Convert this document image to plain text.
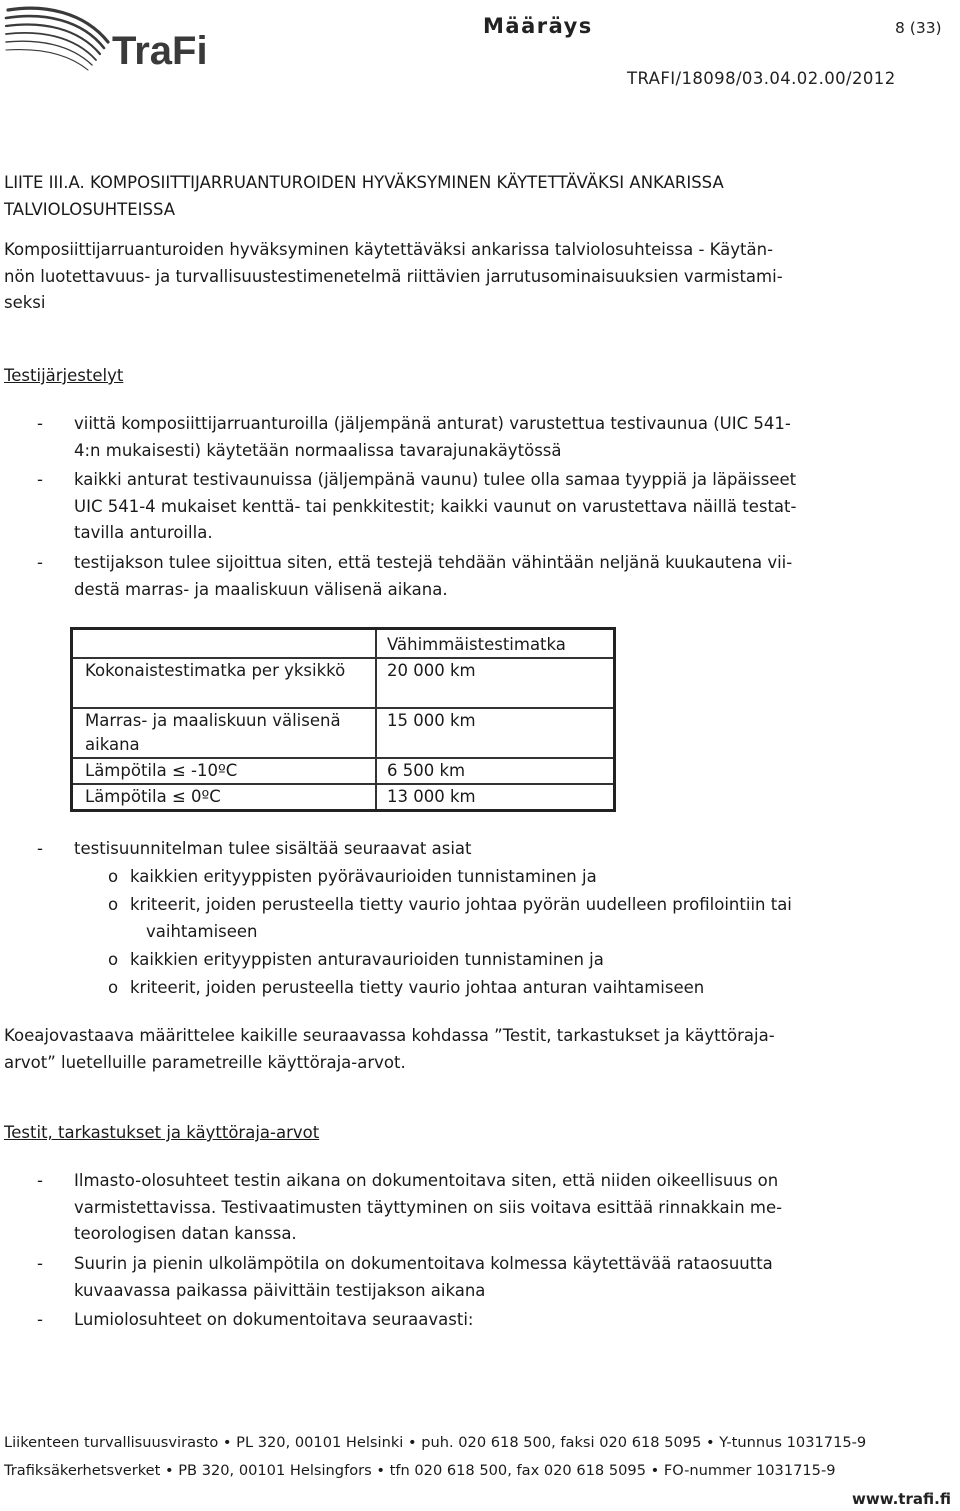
TraFi
Määräys	8 (33)
TRAFI/18098/03.04.02.00/2012
LIITE III.A. KOMPOSIITTIJARRUANTUROIDEN HYVÄKSYMINEN KÄYTETTÄVÄKSI ANKARISSA
TALVIOLOSUHTEISSA
Komposiittijarruanturoiden hyväksyminen käytettäväksi ankarissa talviolosuhteissa - Käytän-
nön luotettavuus- ja turvallisuustestimenetelmä riittävien jarrutusominaisuuksien varmistami-
seksi
Testijärjestelyt
- viittä komposiittijarruanturoilla (jäljempänä anturat) varustettua testivaunua (UIC 541-
4:n mukaisesti) käytetään normaalissa tavarajunakäytössä
- kaikki anturat testivaunuissa (jäljempänä vaunu) tulee olla samaa tyyppiä ja läpäisseet
UIC 541-4 mukaiset kenttä- tai penkkitestit; kaikki vaunut on varustettava näillä testat-
tavilla anturoilla.
- testijakson tulee sijoittua siten, että testejä tehdään vähintään neljänä kuukautena vii-
destä marras- ja maaliskuun välisenä aikana.
	Vähimmäistestimatka
Kokonaistestimatka per yksikkö	20 000 km
Marras- ja maaliskuun välisenä aikana	15 000 km
Lämpötila ≤ -10ºC	6 500 km
Lämpötila ≤ 0ºC	13 000 km
- testisuunnitelman tulee sisältää seuraavat asiat
o kaikkien erityyppisten pyörävaurioiden tunnistaminen ja
o kriteerit, joiden perusteella tietty vaurio johtaa pyörän uudelleen profilointiin tai
vaihtamiseen
o kaikkien erityyppisten anturavaurioiden tunnistaminen ja
o kriteerit, joiden perusteella tietty vaurio johtaa anturan vaihtamiseen
Koeajovastaava määrittelee kaikille seuraavassa kohdassa ”Testit, tarkastukset ja käyttöraja-
arvot” luetelluille parametreille käyttöraja-arvot.
Testit, tarkastukset ja käyttöraja-arvot
- Ilmasto-olosuhteet testin aikana on dokumentoitava siten, että niiden oikeellisuus on
varmistettavissa. Testivaatimusten täyttyminen on siis voitava esittää rinnakkain me-
teorologisen datan kanssa.
- Suurin ja pienin ulkolämpötila on dokumentoitava kolmessa käytettävää rataosuutta
kuvaavassa paikassa päivittäin testijakson aikana
- Lumiolosuhteet on dokumentoitava seuraavasti:
Liikenteen turvallisuusvirasto • PL 320, 00101 Helsinki • puh. 020 618 500, faksi 020 618 5095 • Y-tunnus 1031715-9
Trafiksäkerhetsverket • PB 320, 00101 Helsingfors • tfn 020 618 500, fax 020 618 5095 • FO-nummer 1031715-9
www.trafi.fi
